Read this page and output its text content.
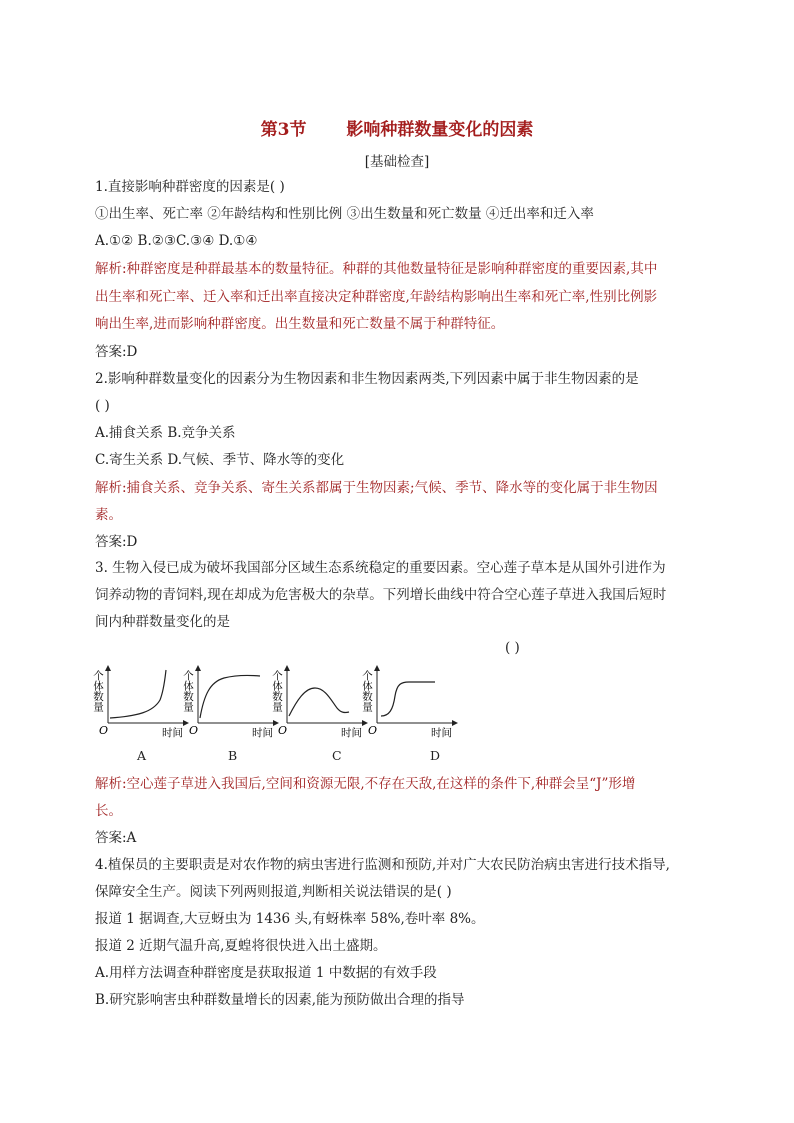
第3节 影响种群数量变化的因素
[基础检查]
1.直接影响种群密度的因素是( )
①出生率、死亡率 ②年龄结构和性别比例 ③出生数量和死亡数量 ④迁出率和迁入率
A.①② B.②③C.③④ D.①④
解析:种群密度是种群最基本的数量特征。种群的其他数量特征是影响种群密度的重要因素,其中
出生率和死亡率、迁入率和迁出率直接决定种群密度,年龄结构影响出生率和死亡率,性别比例影
响出生率,进而影响种群密度。出生数量和死亡数量不属于种群特征。
答案:D
2.影响种群数量变化的因素分为生物因素和非生物因素两类,下列因素中属于非生物因素的是
( )
A.捕食关系 B.竞争关系
C.寄生关系 D.气候、季节、降水等的变化
解析:捕食关系、竞争关系、寄生关系都属于生物因素;气候、季节、降水等的变化属于非生物因
素。
答案:D
3. 生物入侵已成为破坏我国部分区域生态系统稳定的重要因素。空心莲子草本是从国外引进作为
饲养动物的青饲料,现在却成为危害极大的杂草。下列增长曲线中符合空心莲子草进入我国后短时
间内种群数量变化的是
( )
个体数量
O	时间
个体数量
O	时间
个体数量
O	时间
个体数量
O	时间
A	B	C	D
解析:空心莲子草进入我国后,空间和资源无限,不存在天敌,在这样的条件下,种群会呈“J”形增
长。
答案:A
4.植保员的主要职责是对农作物的病虫害进行监测和预防,并对广大农民防治病虫害进行技术指导,
保障安全生产。阅读下列两则报道,判断相关说法错误的是( )
报道 1 据调查,大豆蚜虫为 1436 头,有蚜株率 58%,卷叶率 8%。
报道 2 近期气温升高,夏蝗将很快进入出土盛期。
A.用样方法调查种群密度是获取报道 1 中数据的有效手段
B.研究影响害虫种群数量增长的因素,能为预防做出合理的指导
